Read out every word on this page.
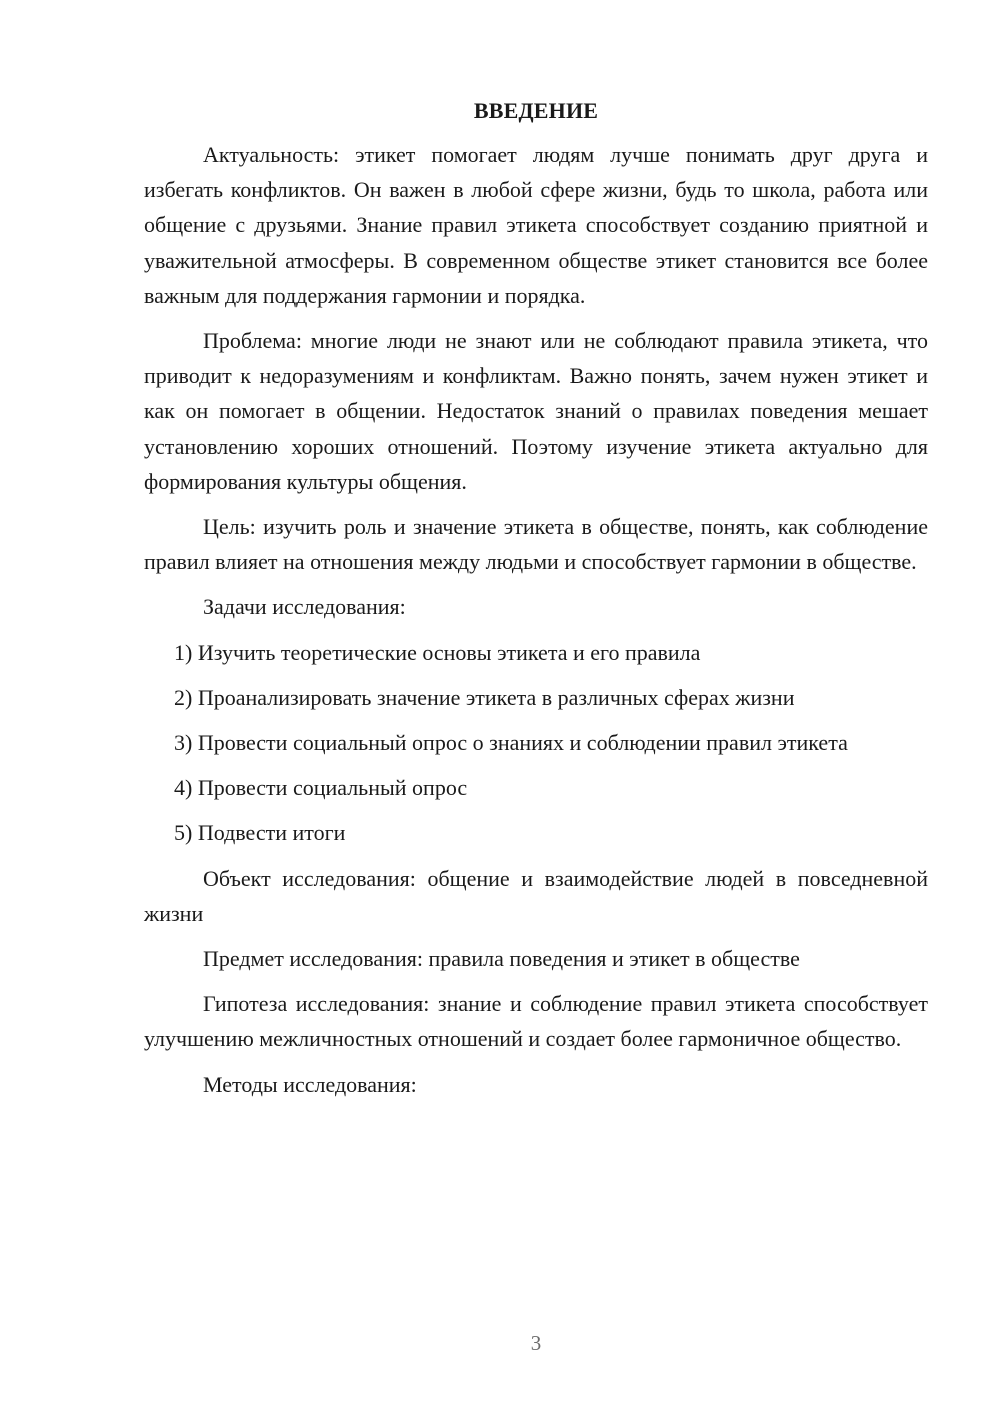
ВВЕДЕНИЕ

Актуальность: этикет помогает людям лучше понимать друг друга и избегать конфликтов. Он важен в любой сфере жизни, будь то школа, работа или общение с друзьями. Знание правил этикета способствует созданию приятной и уважительной атмосферы. В современном обществе этикет становится все более важным для поддержания гармонии и порядка.

Проблема: многие люди не знают или не соблюдают правила этикета, что приводит к недоразумениям и конфликтам. Важно понять, зачем нужен этикет и как он помогает в общении. Недостаток знаний о правилах поведения мешает установлению хороших отношений. Поэтому изучение этикета актуально для формирования культуры общения.

Цель: изучить роль и значение этикета в обществе, понять, как соблюдение правил влияет на отношения между людьми и способствует гармонии в обществе.

Задачи исследования:

1) Изучить теоретические основы этикета и его правила

2) Проанализировать значение этикета в различных сферах жизни

3) Провести социальный опрос о знаниях и соблюдении правил этикета

4) Провести социальный опрос

5) Подвести итоги

Объект исследования: общение и взаимодействие людей в повседневной жизни

Предмет исследования: правила поведения и этикет в обществе

Гипотеза исследования: знание и соблюдение правил этикета способствует улучшению межличностных отношений и создает более гармоничное общество.

Методы исследования:

3
